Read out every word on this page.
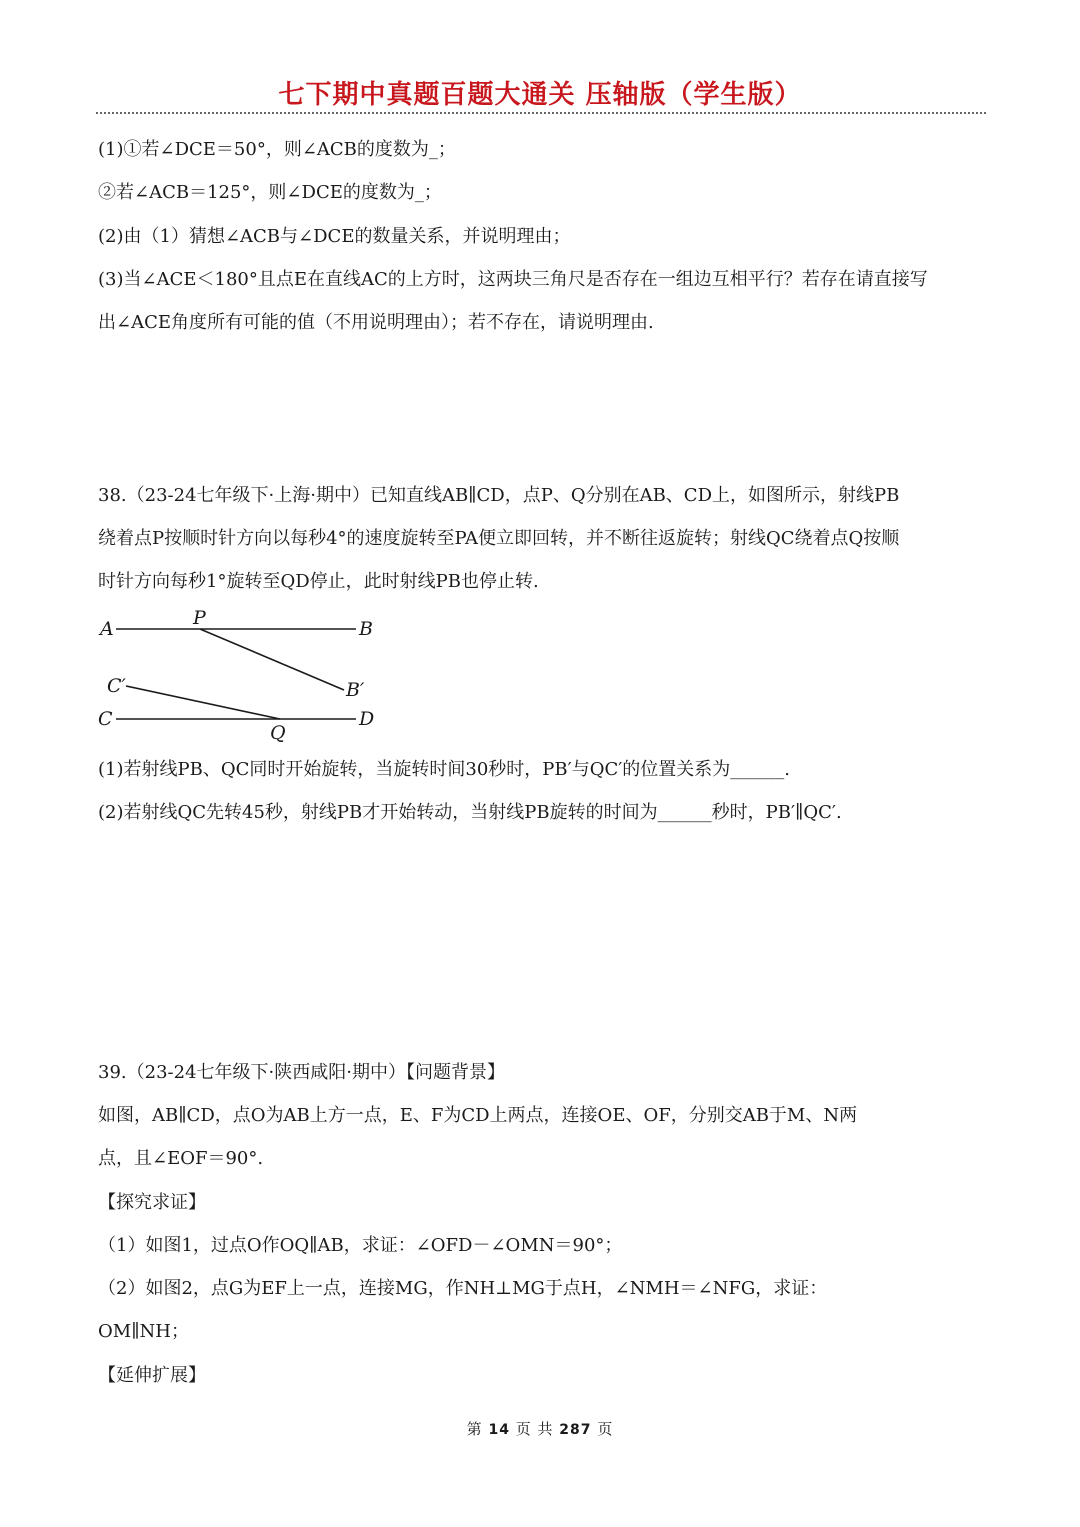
七下期中真题百题大通关 压轴版（学生版）
(1)①若∠DCE＝50°，则∠ACB的度数为_；
②若∠ACB＝125°，则∠DCE的度数为_；
(2)由（1）猜想∠ACB与∠DCE的数量关系，并说明理由；
(3)当∠ACE＜180°且点E在直线AC的上方时，这两块三角尺是否存在一组边互相平行？若存在请直接写
出∠ACE角度所有可能的值（不用说明理由）；若不存在，请说明理由.
38.（23-24七年级下·上海·期中）已知直线AB∥CD，点P、Q分别在AB、CD上，如图所示，射线PB
绕着点P按顺时针方向以每秒4°的速度旋转至PA便立即回转，并不断往返旋转；射线QC绕着点Q按顺
时针方向每秒1°旋转至QD停止，此时射线PB也停止转.
A	P	B
C′	B′
C
Q
D
(1)若射线PB、QC同时开始旋转，当旋转时间30秒时，PB′与QC′的位置关系为______.
(2)若射线QC先转45秒，射线PB才开始转动，当射线PB旋转的时间为______秒时，PB′∥QC′.
39.（23-24七年级下·陕西咸阳·期中）【问题背景】
如图，AB∥CD，点O为AB上方一点，E、F为CD上两点，连接OE、OF，分别交AB于M、N两
点，且∠EOF＝90°.
【探究求证】
（1）如图1，过点O作OQ∥AB，求证：∠OFD－∠OMN＝90°；
（2）如图2，点G为EF上一点，连接MG，作NH⊥MG于点H，∠NMH＝∠NFG，求证：
OM∥NH；
【延伸扩展】
第 14 页 共 287 页
